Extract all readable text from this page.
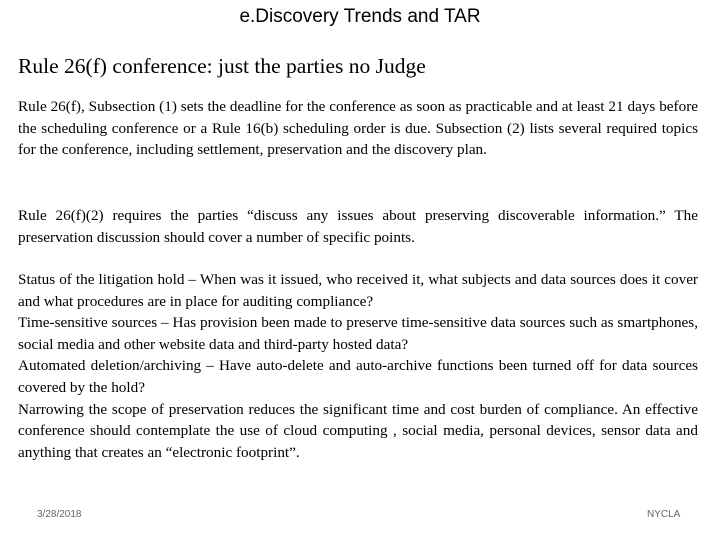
e.Discovery Trends and TAR
Rule 26(f) conference: just the parties no Judge

Rule 26(f), Subsection (1) sets the deadline for the conference as soon as practicable and at least 21 days before the scheduling conference or a Rule 16(b) scheduling order is due. Subsection (2) lists several required topics for the conference, including settlement, preservation and the discovery plan.

Rule 26(f)(2) requires the parties “discuss any issues about preserving discoverable information.” The preservation discussion should cover a number of specific points.

Status of the litigation hold – When was it issued, who received it, what subjects and data sources does it cover and what procedures are in place for auditing compliance?

Time-sensitive sources – Has provision been made to preserve time-sensitive data sources such as smartphones, social media and other website data and third-party hosted data?

Automated deletion/archiving – Have auto-delete and auto-archive functions been turned off for data sources covered by the hold?

Narrowing the scope of preservation reduces the significant time and cost burden of compliance. An effective conference should contemplate the use of cloud computing , social media, personal devices, sensor data and anything that creates an “electronic footprint”.

3/28/2018	NYCLA
